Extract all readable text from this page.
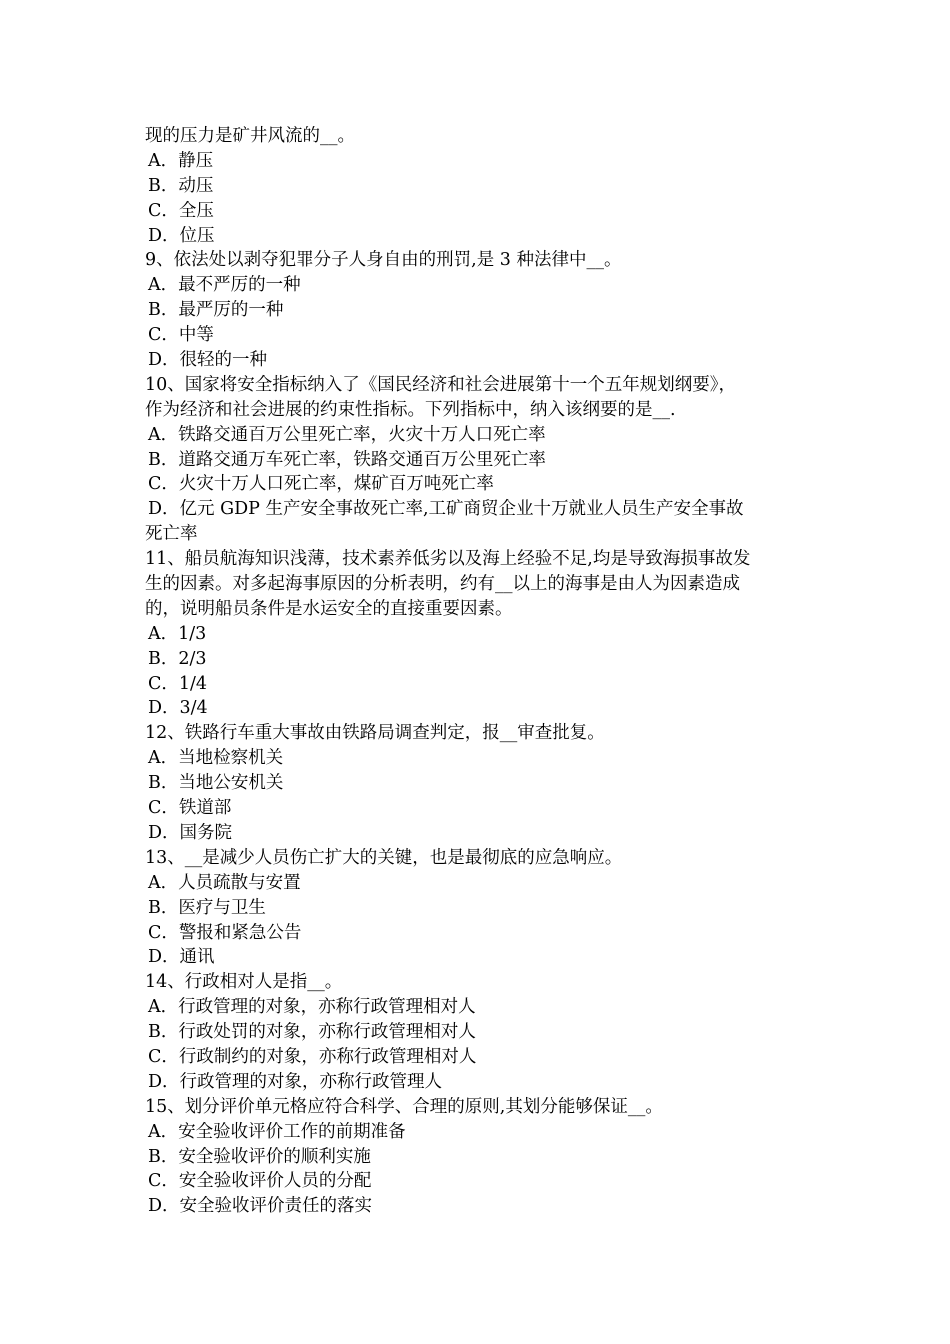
现的压力是矿井风流的__。
A．静压
B．动压
C．全压
D．位压
9、依法处以剥夺犯罪分子人身自由的刑罚,是 3 种法律中__。
A．最不严厉的一种
B．最严厉的一种
C．中等
D．很轻的一种
10、国家将安全指标纳入了《国民经济和社会进展第十一个五年规划纲要》，
作为经济和社会进展的约束性指标。下列指标中，纳入该纲要的是__.
A．铁路交通百万公里死亡率，火灾十万人口死亡率
B．道路交通万车死亡率，铁路交通百万公里死亡率
C．火灾十万人口死亡率，煤矿百万吨死亡率
D．亿元 GDP 生产安全事故死亡率,工矿商贸企业十万就业人员生产安全事故
死亡率
11、船员航海知识浅薄，技术素养低劣以及海上经验不足,均是导致海损事故发
生的因素。对多起海事原因的分析表明，约有__以上的海事是由人为因素造成
的，说明船员条件是水运安全的直接重要因素。
A．1/3
B．2/3
C．1/4
D．3/4
12、铁路行车重大事故由铁路局调查判定，报__审查批复。
A．当地检察机关
B．当地公安机关
C．铁道部
D．国务院
13、__是减少人员伤亡扩大的关键，也是最彻底的应急响应。
A．人员疏散与安置
B．医疗与卫生
C．警报和紧急公告
D．通讯
14、行政相对人是指__。
A．行政管理的对象，亦称行政管理相对人
B．行政处罚的对象，亦称行政管理相对人
C．行政制约的对象，亦称行政管理相对人
D．行政管理的对象，亦称行政管理人
15、划分评价单元格应符合科学、合理的原则,其划分能够保证__。
A．安全验收评价工作的前期准备
B．安全验收评价的顺利实施
C．安全验收评价人员的分配
D．安全验收评价责任的落实
